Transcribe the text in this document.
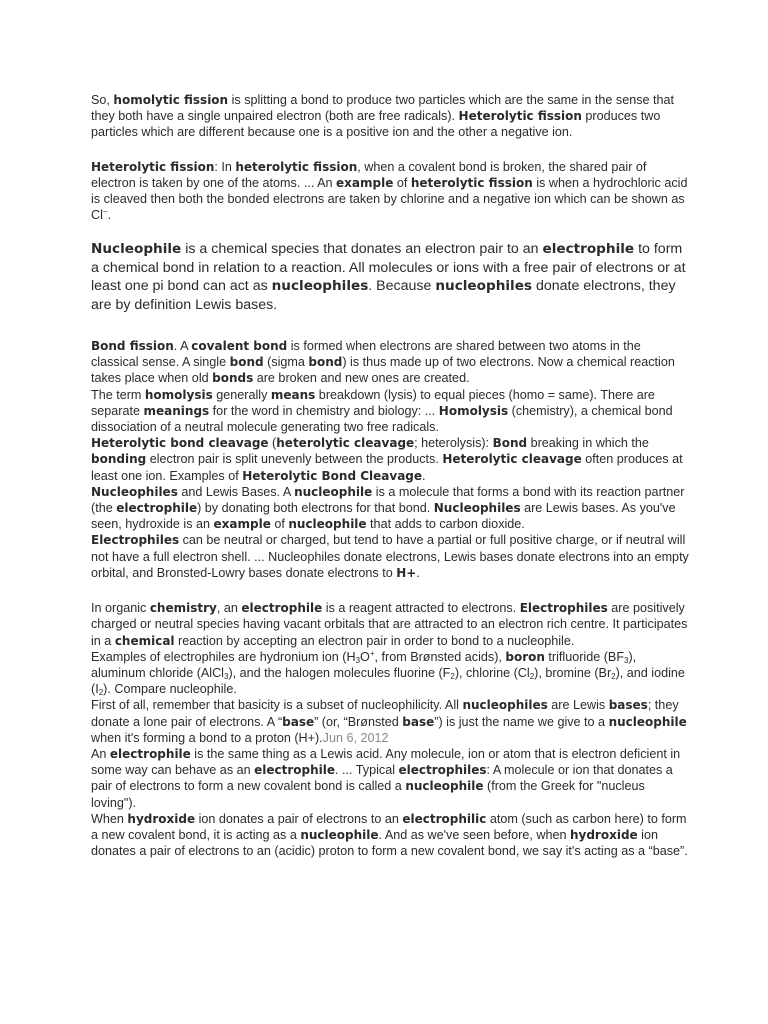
So, homolytic fission is splitting a bond to produce two particles which are the same in the sense that they both have a single unpaired electron (both are free radicals). Heterolytic fission produces two particles which are different because one is a positive ion and the other a negative ion.

Heterolytic fission: In heterolytic fission, when a covalent bond is broken, the shared pair of electron is taken by one of the atoms. ... An example of heterolytic fission is when a hydrochloric acid is cleaved then both the bonded electrons are taken by chlorine and a negative ion which can be shown as Cl−.

Nucleophile is a chemical species that donates an electron pair to an electrophile to form a chemical bond in relation to a reaction. All molecules or ions with a free pair of electrons or at least one pi bond can act as nucleophiles. Because nucleophiles donate electrons, they are by definition Lewis bases.

Bond fission. A covalent bond is formed when electrons are shared between two atoms in the classical sense. A single bond (sigma bond) is thus made up of two electrons. Now a chemical reaction takes place when old bonds are broken and new ones are created.

The term homolysis generally means breakdown (lysis) to equal pieces (homo = same). There are separate meanings for the word in chemistry and biology: ... Homolysis (chemistry), a chemical bond dissociation of a neutral molecule generating two free radicals.

Heterolytic bond cleavage (heterolytic cleavage; heterolysis): Bond breaking in which the bonding electron pair is split unevenly between the products. Heterolytic cleavage often produces at least one ion. Examples of Heterolytic Bond Cleavage.

Nucleophiles and Lewis Bases. A nucleophile is a molecule that forms a bond with its reaction partner (the electrophile) by donating both electrons for that bond. Nucleophiles are Lewis bases. As you've seen, hydroxide is an example of nucleophile that adds to carbon dioxide.

Electrophiles can be neutral or charged, but tend to have a partial or full positive charge, or if neutral will not have a full electron shell. ... Nucleophiles donate electrons, Lewis bases donate electrons into an empty orbital, and Bronsted-Lowry bases donate electrons to H+.

In organic chemistry, an electrophile is a reagent attracted to electrons. Electrophiles are positively charged or neutral species having vacant orbitals that are attracted to an electron rich centre. It participates in a chemical reaction by accepting an electron pair in order to bond to a nucleophile.

Examples of electrophiles are hydronium ion ($H_3O^+$, from Brønsted acids), boron trifluoride $(BF_3)$, aluminum chloride (AlCl$_3$), and the halogen molecules fluorine $(F_2)$, chlorine $(Cl_2)$, bromine $(Br_2)$, and iodine $(I_2)$. Compare nucleophile.

First of all, remember that basicity is a subset of nucleophilicity. All nucleophiles are Lewis bases; they donate a lone pair of electrons. A “base” (or, “Brønsted base”) is just the name we give to a nucleophile when it's forming a bond to a proton (H+).Jun 6, 2012

An electrophile is the same thing as a Lewis acid. Any molecule, ion or atom that is electron deficient in some way can behave as an electrophile. ... Typical electrophiles: A molecule or ion that donates a pair of electrons to form a new covalent bond is called a nucleophile (from the Greek for "nucleus loving").

When hydroxide ion donates a pair of electrons to an electrophilic atom (such as carbon here) to form a new covalent bond, it is acting as a nucleophile. And as we've seen before, when hydroxide ion donates a pair of electrons to an (acidic) proton to form a new covalent bond, we say it's acting as a “base”.
